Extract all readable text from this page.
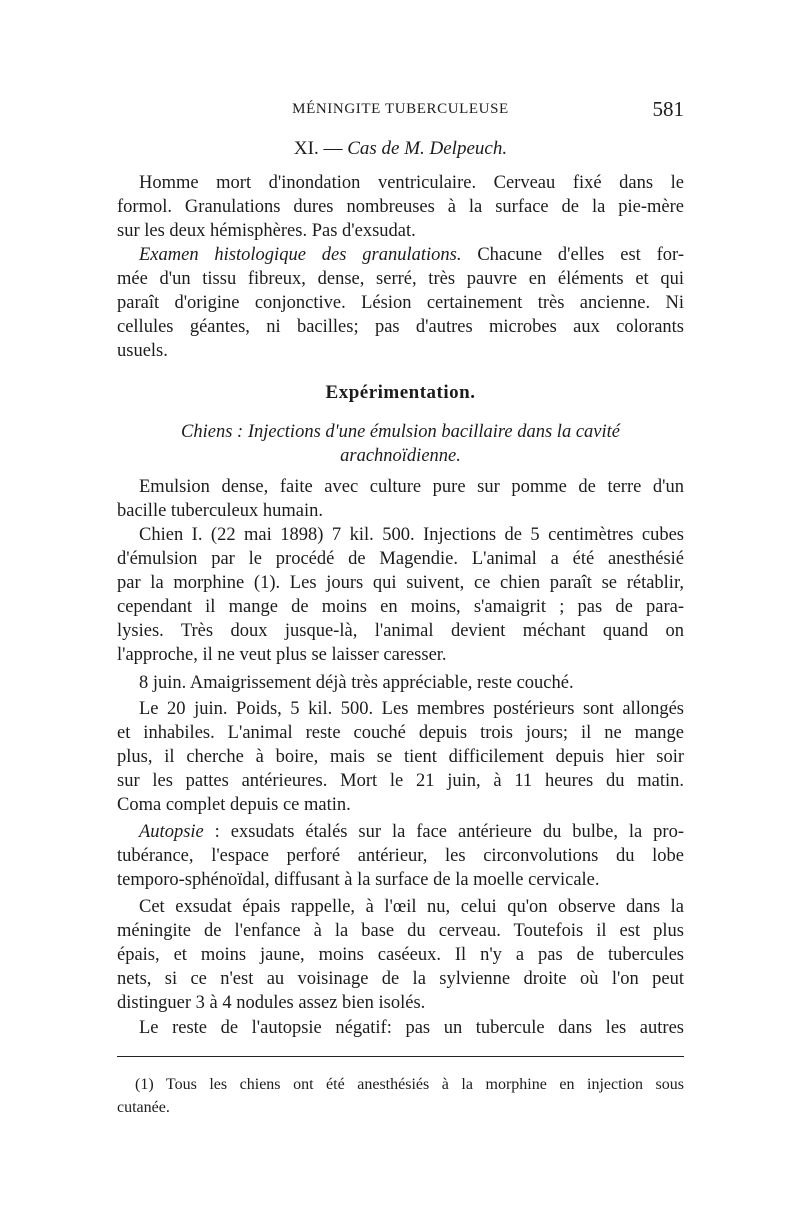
MÉNINGITE TUBERCULEUSE	581
XI. — Cas de M. Delpeuch.
Homme mort d'inondation ventriculaire. Cerveau fixé dans le
formol. Granulations dures nombreuses à la surface de la pie-mère
sur les deux hémisphères. Pas d'exsudat.
Examen histologique des granulations. Chacune d'elles est for-
mée d'un tissu fibreux, dense, serré, très pauvre en éléments et qui
paraît d'origine conjonctive. Lésion certainement très ancienne. Ni
cellules géantes, ni bacilles; pas d'autres microbes aux colorants
usuels.
Expérimentation.
Chiens : Injections d'une émulsion bacillaire dans la cavité
arachnoïdienne.
Emulsion dense, faite avec culture pure sur pomme de terre d'un
bacille tuberculeux humain.
Chien I. (22 mai 1898) 7 kil. 500. Injections de 5 centimètres cubes
d'émulsion par le procédé de Magendie. L'animal a été anesthésié
par la morphine (1). Les jours qui suivent, ce chien paraît se rétablir,
cependant il mange de moins en moins, s'amaigrit ; pas de para-
lysies. Très doux jusque-là, l'animal devient méchant quand on
l'approche, il ne veut plus se laisser caresser.
8 juin. Amaigrissement déjà très appréciable, reste couché.
Le 20 juin. Poids, 5 kil. 500. Les membres postérieurs sont allongés
et inhabiles. L'animal reste couché depuis trois jours; il ne mange
plus, il cherche à boire, mais se tient difficilement depuis hier soir
sur les pattes antérieures. Mort le 21 juin, à 11 heures du matin.
Coma complet depuis ce matin.
Autopsie : exsudats étalés sur la face antérieure du bulbe, la pro-
tubérance, l'espace perforé antérieur, les circonvolutions du lobe
temporo-sphénoïdal, diffusant à la surface de la moelle cervicale.
Cet exsudat épais rappelle, à l'œil nu, celui qu'on observe dans la
méningite de l'enfance à la base du cerveau. Toutefois il est plus
épais, et moins jaune, moins caséeux. Il n'y a pas de tubercules
nets, si ce n'est au voisinage de la sylvienne droite où l'on peut
distinguer 3 à 4 nodules assez bien isolés.
Le reste de l'autopsie négatif: pas un tubercule dans les autres
(1) Tous les chiens ont été anesthésiés à la morphine en injection sous
cutanée.
